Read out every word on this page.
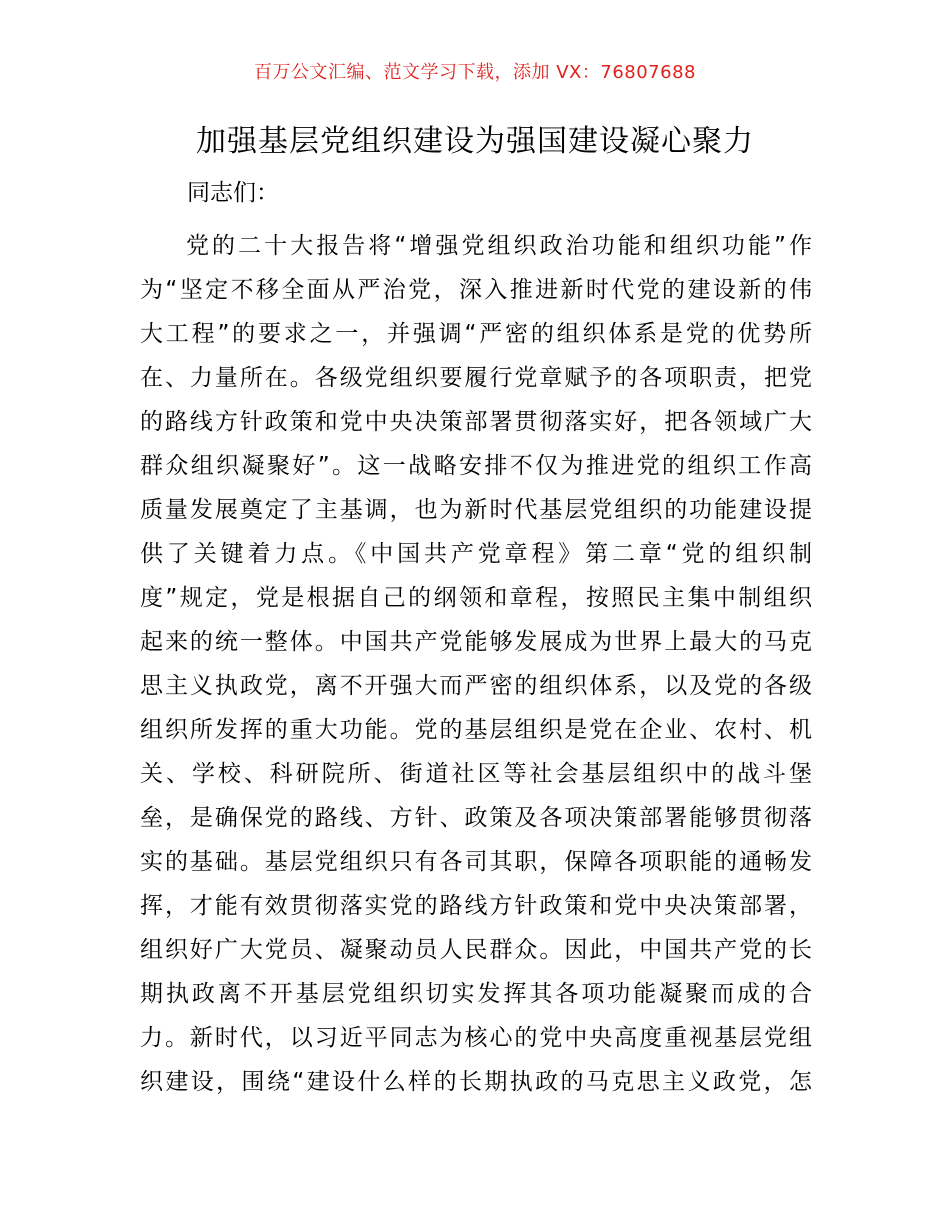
百万公文汇编、范文学习下载，添加 VX：76807688
加强基层党组织建设为强国建设凝心聚力
同志们：
党的二十大报告将“增强党组织政治功能和组织功能”作
为“坚定不移全面从严治党，深入推进新时代党的建设新的伟
大工程”的要求之一，并强调“严密的组织体系是党的优势所
在、力量所在。各级党组织要履行党章赋予的各项职责，把党
的路线方针政策和党中央决策部署贯彻落实好，把各领域广大
群众组织凝聚好”。这一战略安排不仅为推进党的组织工作高
质量发展奠定了主基调，也为新时代基层党组织的功能建设提
供了关键着力点。《中国共产党章程》第二章“党的组织制
度”规定，党是根据自己的纲领和章程，按照民主集中制组织
起来的统一整体。中国共产党能够发展成为世界上最大的马克
思主义执政党，离不开强大而严密的组织体系，以及党的各级
组织所发挥的重大功能。党的基层组织是党在企业、农村、机
关、学校、科研院所、街道社区等社会基层组织中的战斗堡
垒，是确保党的路线、方针、政策及各项决策部署能够贯彻落
实的基础。基层党组织只有各司其职，保障各项职能的通畅发
挥，才能有效贯彻落实党的路线方针政策和党中央决策部署，
组织好广大党员、凝聚动员人民群众。因此，中国共产党的长
期执政离不开基层党组织切实发挥其各项功能凝聚而成的合
力。新时代，以习近平同志为核心的党中央高度重视基层党组
织建设，围绕“建设什么样的长期执政的马克思主义政党，怎
